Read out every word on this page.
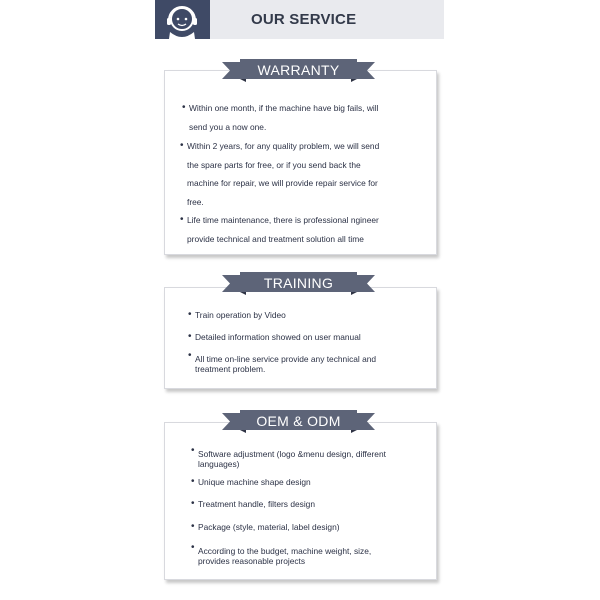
OUR SERVICE
WARRANTY
• Within one month, if the machine have big fails, will
send you a now one.
• Within 2 years, for any quality problem, we will send
the spare parts for free, or if you send back the
machine for repair, we will provide repair service for
free.
• Life time maintenance, there is professional ngineer
provide technical and treatment solution all time
TRAINING
• Train operation by Video
• Detailed information showed on user manual
• All time on-line service provide any technical and
treatment problem.
OEM & ODM
• Software adjustment (logo &menu design, different
languages)
• Unique machine shape design
• Treatment handle, filters design
• Package (style, material, label design)
• According to the budget, machine weight, size,
provides reasonable projects
